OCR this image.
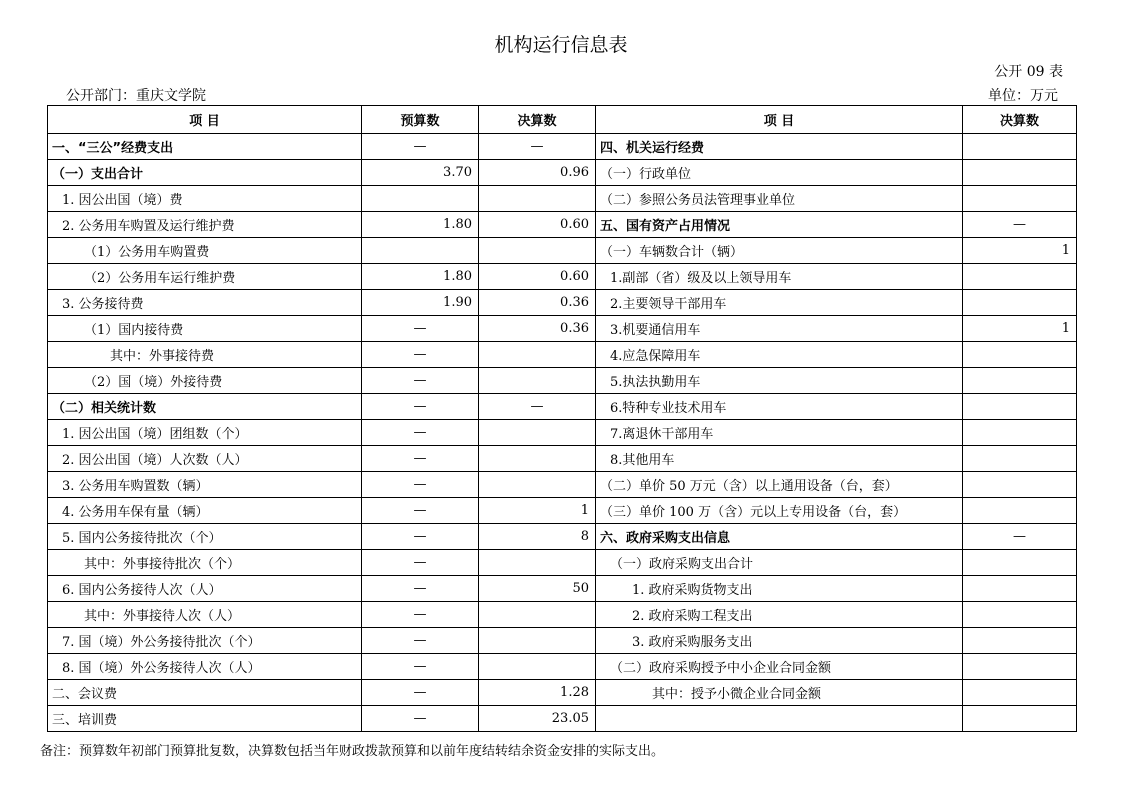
机构运行信息表
公开 09 表
公开部门：重庆文学院	单位：万元
项 目	预算数	决算数	项 目	决算数
一、“三公”经费支出	—	—	四、机关运行经费	
（一）支出合计	3.70	0.96	（一）行政单位	
1. 因公出国（境）费			（二）参照公务员法管理事业单位	
2. 公务用车购置及运行维护费	1.80	0.60	五、国有资产占用情况	—
（1）公务用车购置费			（一）车辆数合计（辆）	1
（2）公务用车运行维护费	1.80	0.60	1.副部（省）级及以上领导用车	
3. 公务接待费	1.90	0.36	2.主要领导干部用车	
（1）国内接待费	—	0.36	3.机要通信用车	1
其中：外事接待费	—		4.应急保障用车	
（2）国（境）外接待费	—		5.执法执勤用车	
（二）相关统计数	—	—	6.特种专业技术用车	
1. 因公出国（境）团组数（个）	—		7.离退休干部用车	
2. 因公出国（境）人次数（人）	—		8.其他用车	
3. 公务用车购置数（辆）	—		（二）单价 50 万元（含）以上通用设备（台，套）	
4. 公务用车保有量（辆）	—	1	（三）单价 100 万（含）元以上专用设备（台，套）	
5. 国内公务接待批次（个）	—	8	六、政府采购支出信息	—
其中：外事接待批次（个）	—		（一）政府采购支出合计	
6. 国内公务接待人次（人）	—	50	1. 政府采购货物支出	
其中：外事接待人次（人）	—		2. 政府采购工程支出	
7. 国（境）外公务接待批次（个）	—		3. 政府采购服务支出	
8. 国（境）外公务接待人次（人）	—		（二）政府采购授予中小企业合同金额	
二、会议费	—	1.28	其中：授予小微企业合同金额	
三、培训费	—	23.05		
备注：预算数年初部门预算批复数，决算数包括当年财政拨款预算和以前年度结转结余资金安排的实际支出。
